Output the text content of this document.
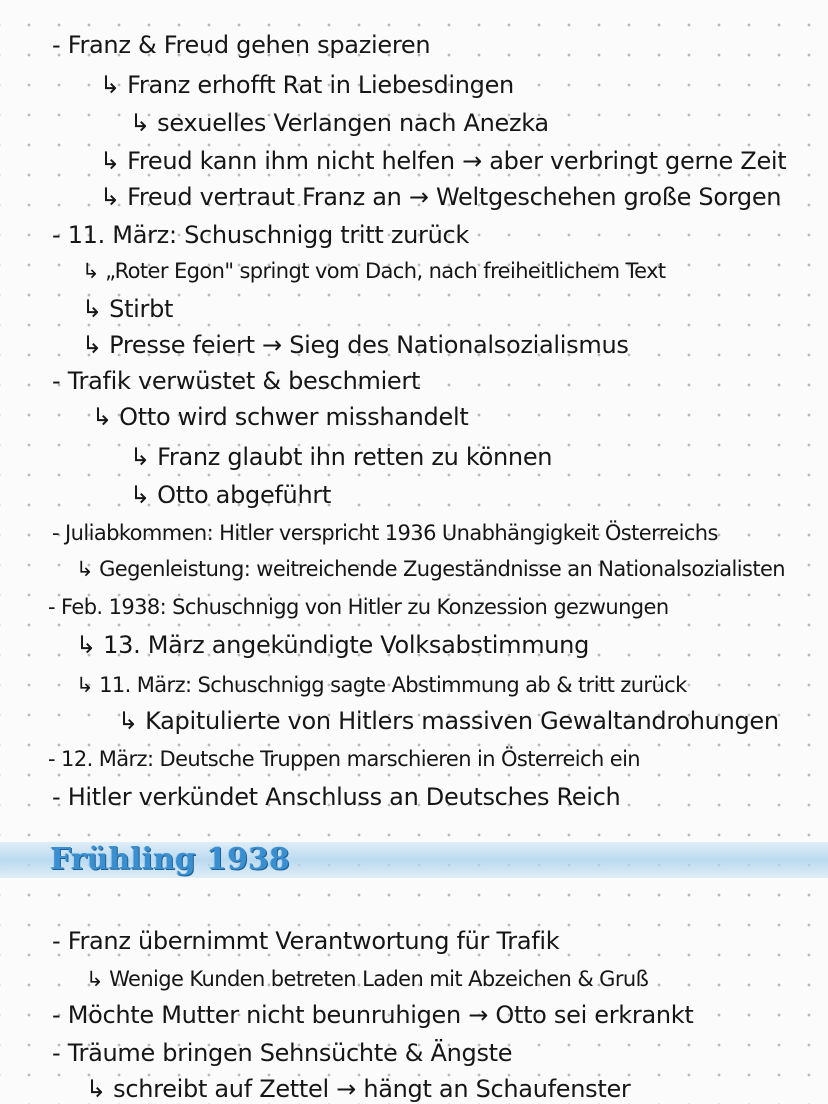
- Franz & Freud gehen spazieren
↳ Franz erhofft Rat in Liebesdingen
↳ sexuelles Verlangen nach Anezka
↳ Freud kann ihm nicht helfen → aber verbringt gerne Zeit
↳ Freud vertraut Franz an → Weltgeschehen große Sorgen
- 11. März: Schuschnigg tritt zurück
↳ „Roter Egon" springt vom Dach, nach freiheitlichem Text
↳ Stirbt
↳ Presse feiert → Sieg des Nationalsozialismus
- Trafik verwüstet & beschmiert
↳ Otto wird schwer misshandelt
↳ Franz glaubt ihn retten zu können
↳ Otto abgeführt
- Juliabkommen: Hitler verspricht 1936 Unabhängigkeit Österreichs
↳ Gegenleistung: weitreichende Zugeständnisse an Nationalsozialisten
- Feb. 1938: Schuschnigg von Hitler zu Konzession gezwungen
↳ 13. März angekündigte Volksabstimmung
↳ 11. März: Schuschnigg sagte Abstimmung ab & tritt zurück
↳ Kapitulierte von Hitlers massiven Gewaltandrohungen
- 12. März: Deutsche Truppen marschieren in Österreich ein
- Hitler verkündet Anschluss an Deutsches Reich
Frühling 1938
- Franz übernimmt Verantwortung für Trafik
↳ Wenige Kunden betreten Laden mit Abzeichen & Gruß
- Möchte Mutter nicht beunruhigen → Otto sei erkrankt
- Träume bringen Sehnsüchte & Ängste
↳ schreibt auf Zettel → hängt an Schaufenster
